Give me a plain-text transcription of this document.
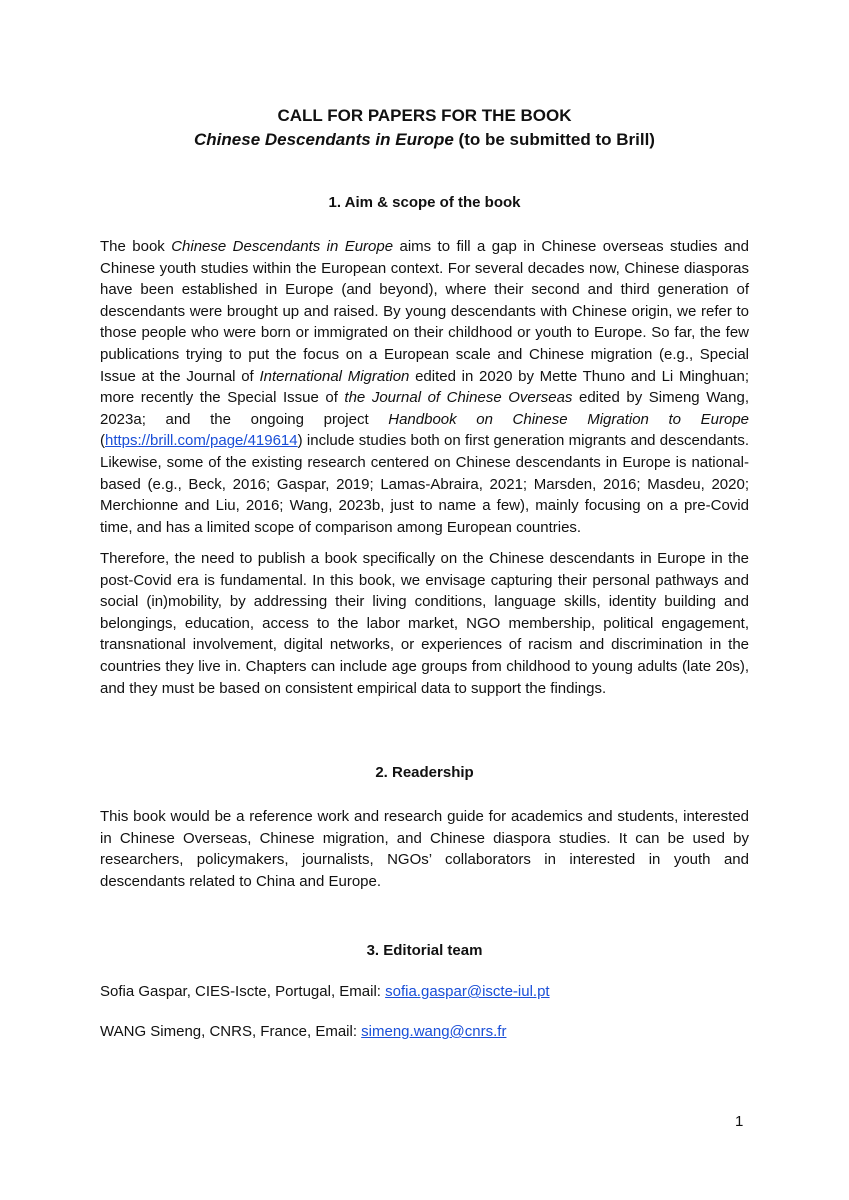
CALL FOR PAPERS FOR THE BOOK
Chinese Descendants in Europe (to be submitted to Brill)
1. Aim & scope of the book

The book Chinese Descendants in Europe aims to fill a gap in Chinese overseas studies and Chinese youth studies within the European context. For several decades now, Chinese diasporas have been established in Europe (and beyond), where their second and third generation of descendants were brought up and raised. By young descendants with Chinese origin, we refer to those people who were born or immigrated on their childhood or youth to Europe. So far, the few publications trying to put the focus on a European scale and Chinese migration (e.g., Special Issue at the Journal of International Migration edited in 2020 by Mette Thuno and Li Minghuan; more recently the Special Issue of the Journal of Chinese Overseas edited by Simeng Wang, 2023a; and the ongoing project Handbook on Chinese Migration to Europe (https://brill.com/page/419614) include studies both on first generation migrants and descendants. Likewise, some of the existing research centered on Chinese descendants in Europe is national-based (e.g., Beck, 2016; Gaspar, 2019; Lamas-Abraira, 2021; Marsden, 2016; Masdeu, 2020; Merchionne and Liu, 2016; Wang, 2023b, just to name a few), mainly focusing on a pre-Covid time, and has a limited scope of comparison among European countries.

Therefore, the need to publish a book specifically on the Chinese descendants in Europe in the post-Covid era is fundamental. In this book, we envisage capturing their personal pathways and social (in)mobility, by addressing their living conditions, language skills, identity building and belongings, education, access to the labor market, NGO membership, political engagement, transnational involvement, digital networks, or experiences of racism and discrimination in the countries they live in. Chapters can include age groups from childhood to young adults (late 20s), and they must be based on consistent empirical data to support the findings.

2. Readership

This book would be a reference work and research guide for academics and students, interested in Chinese Overseas, Chinese migration, and Chinese diaspora studies. It can be used by researchers, policymakers, journalists, NGOs’ collaborators in interested in youth and descendants related to China and Europe.

3. Editorial team
Sofia Gaspar, CIES-Iscte, Portugal, Email: sofia.gaspar@iscte-iul.pt
WANG Simeng, CNRS, France, Email: simeng.wang@cnrs.fr
1
